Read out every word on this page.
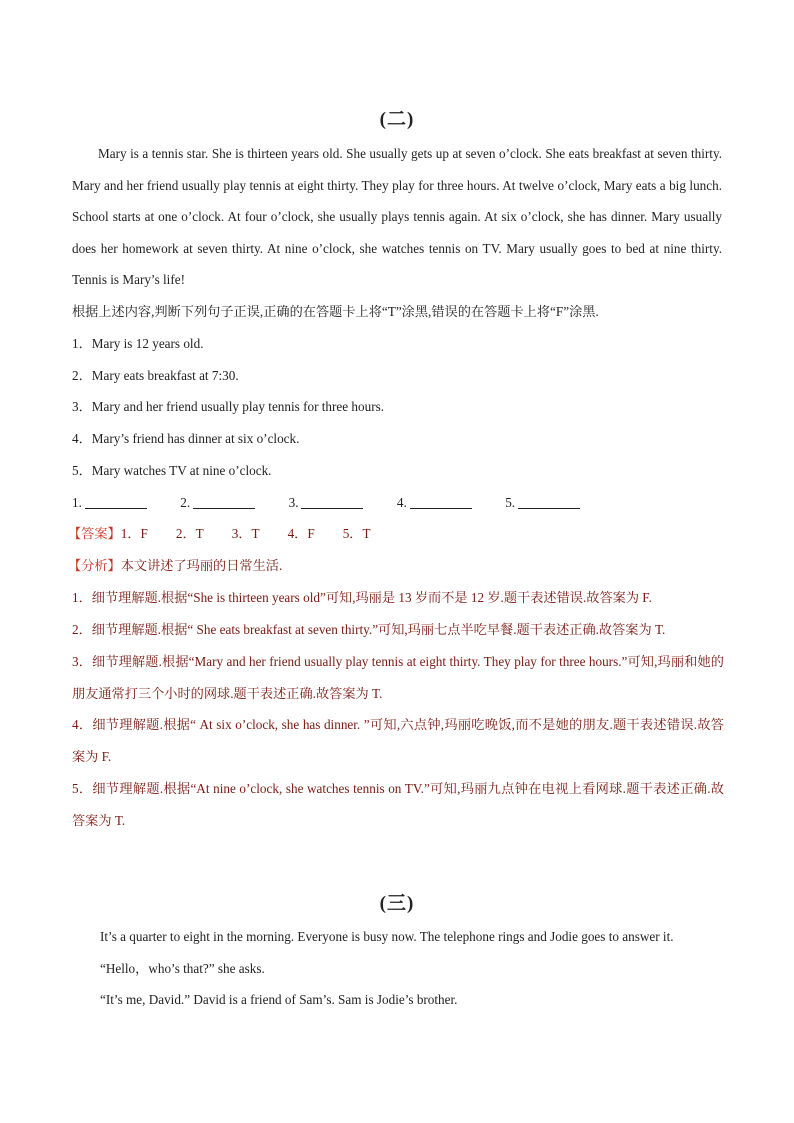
(二)
Mary is a tennis star. She is thirteen years old. She usually gets up at seven o’clock. She eats breakfast at seven thirty. Mary and her friend usually play tennis at eight thirty. They play for three hours. At twelve o’clock, Mary eats a big lunch. School starts at one o’clock. At four o’clock, she usually plays tennis again. At six o’clock, she has dinner. Mary usually does her homework at seven thirty. At nine o’clock, she watches tennis on TV. Mary usually goes to bed at nine thirty. Tennis is Mary’s life!
根据上述内容,判断下列句子正误,正确的在答题卡上将“T”涂黑,错误的在答题卡上将“F”涂黑.
1．Mary is 12 years old.
2．Mary eats breakfast at 7:30.
3．Mary and her friend usually play tennis for three hours.
4．Mary’s friend has dinner at six o’clock.
5．Mary watches TV at nine o’clock.
1.	2.	3.	4.	5.
【答案】1．F 2．T 3．T 4．F 5．T
【分析】本文讲述了玛丽的日常生活.
1．细节理解题.根据“She is thirteen years old”可知,玛丽是 13 岁而不是 12 岁.题干表述错误.故答案为 F.
2．细节理解题.根据“ She eats breakfast at seven thirty.”可知,玛丽七点半吃早餐.题干表述正确.故答案为 T.
3．细节理解题.根据“Mary and her friend usually play tennis at eight thirty. They play for three hours.”可知,玛丽和她的朋友通常打三个小时的网球.题干表述正确.故答案为 T.
4．细节理解题.根据“ At six o’clock, she has dinner. ”可知,六点钟,玛丽吃晚饭,而不是她的朋友.题干表述错误.故答案为 F.
5．细节理解题.根据“At nine o’clock, she watches tennis on TV.”可知,玛丽九点钟在电视上看网球.题干表述正确.故答案为 T.
(三)
It’s a quarter to eight in the morning. Everyone is busy now. The telephone rings and Jodie goes to answer it.
“Hello，who’s that?” she asks.
“It’s me, David.” David is a friend of Sam’s. Sam is Jodie’s brother.
